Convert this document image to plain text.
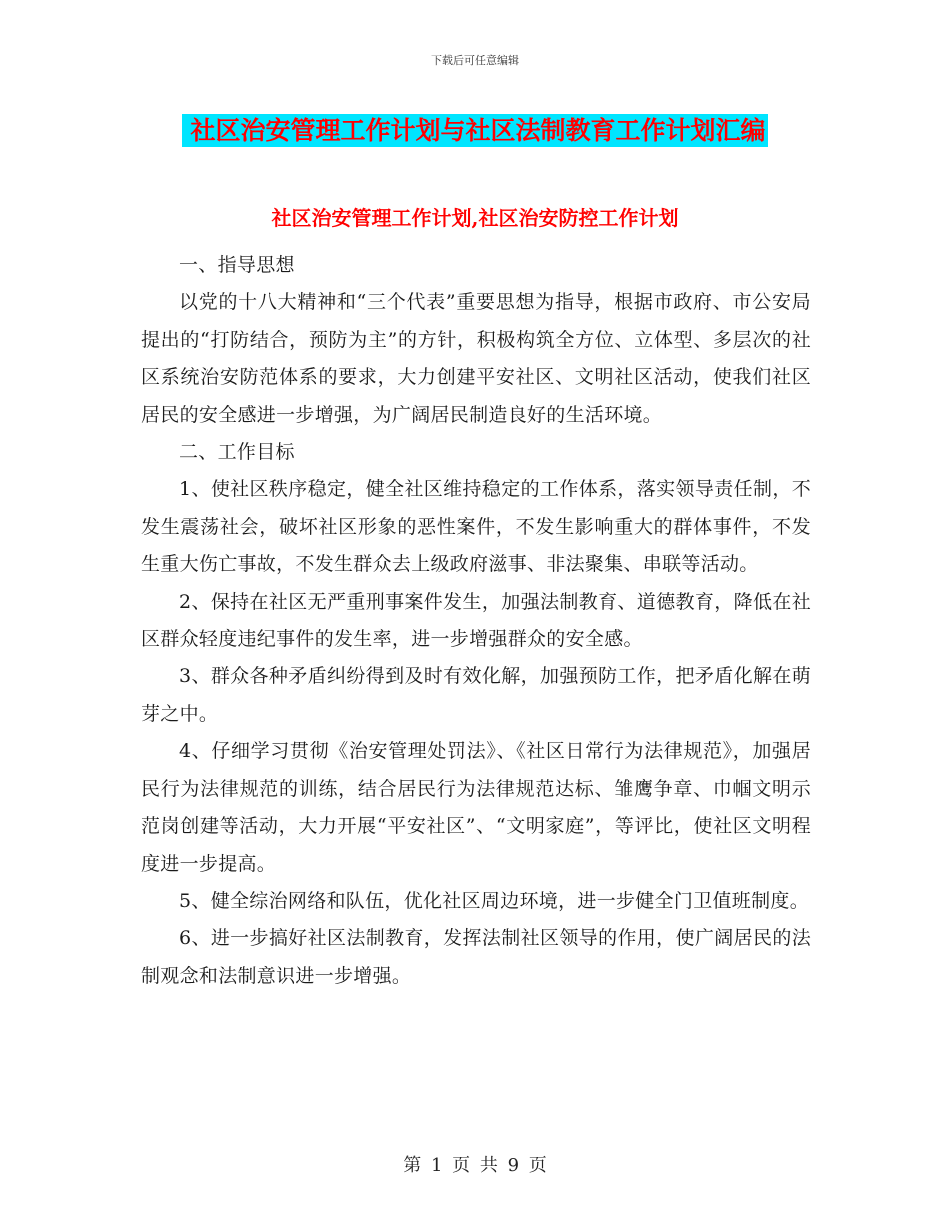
下载后可任意编辑
社区治安管理工作计划与社区法制教育工作计划汇编
社区治安管理工作计划,社区治安防控工作计划

一、指导思想

以党的十八大精神和“三个代表”重要思想为指导，根据市政府、市公安局提出的“打防结合，预防为主”的方针，积极构筑全方位、立体型、多层次的社区系统治安防范体系的要求，大力创建平安社区、文明社区活动，使我们社区居民的安全感进一步增强，为广阔居民制造良好的生活环境。

二、工作目标

1、使社区秩序稳定，健全社区维持稳定的工作体系，落实领导责任制，不发生震荡社会，破坏社区形象的恶性案件，不发生影响重大的群体事件，不发生重大伤亡事故，不发生群众去上级政府滋事、非法聚集、串联等活动。

2、保持在社区无严重刑事案件发生，加强法制教育、道德教育，降低在社区群众轻度违纪事件的发生率，进一步增强群众的安全感。

3、群众各种矛盾纠纷得到及时有效化解，加强预防工作，把矛盾化解在萌芽之中。

4、仔细学习贯彻《治安管理处罚法》、《社区日常行为法律规范》，加强居民行为法律规范的训练，结合居民行为法律规范达标、雏鹰争章、巾帼文明示范岗创建等活动，大力开展“平安社区”、“文明家庭”，等评比，使社区文明程度进一步提高。

5、健全综治网络和队伍，优化社区周边环境，进一步健全门卫值班制度。

6、进一步搞好社区法制教育，发挥法制社区领导的作用，使广阔居民的法制观念和法制意识进一步增强。

第 1 页 共 9 页
